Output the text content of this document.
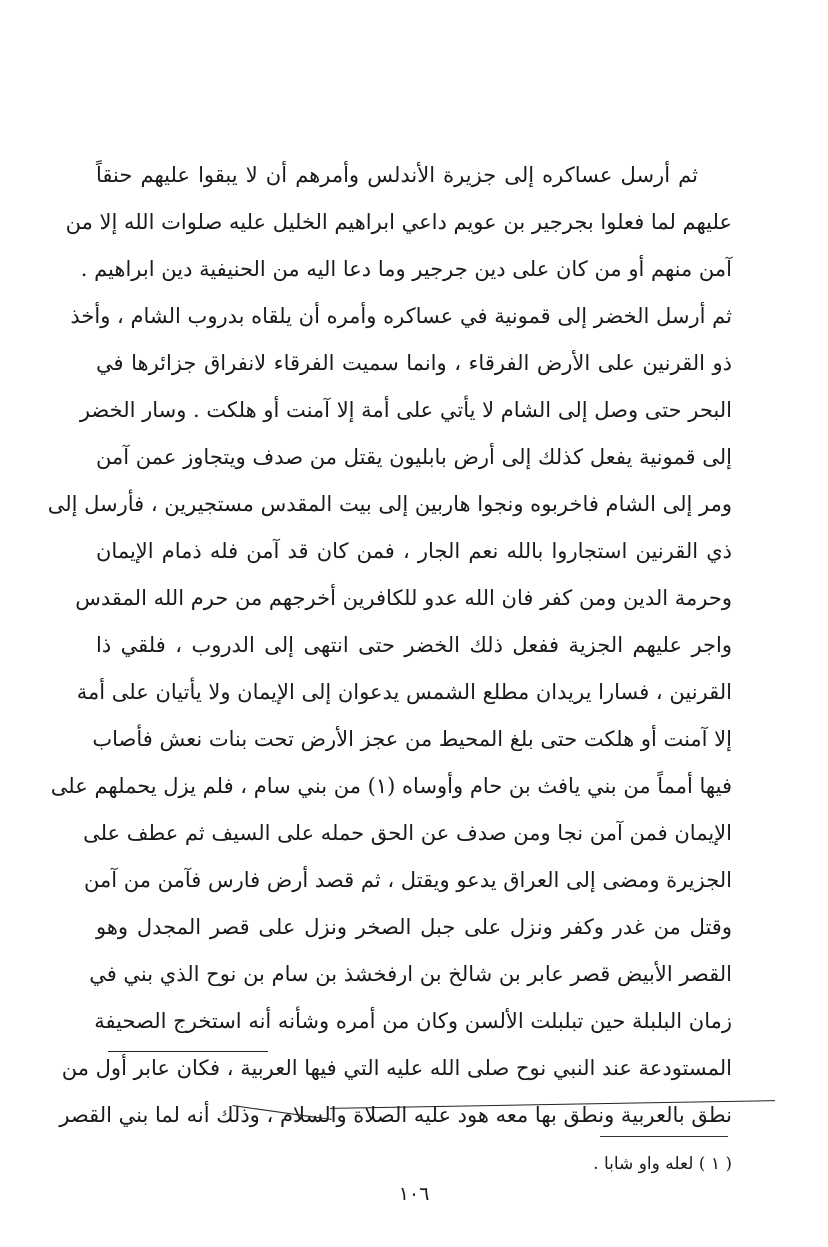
ثم أرسل عساكره إلى جزيرة الأندلس وأمرهم أن لا يبقوا عليهم حنقاً
عليهم لما فعلوا بجرجير بن عويم داعي ابراهيم الخليل عليه صلوات الله إلا من
آمن منهم أو من كان على دين جرجير وما دعا اليه من الحنيفية دين ابراهيم .
ثم أرسل الخضر إلى قمونية في عساكره وأمره أن يلقاه بدروب الشام ، وأخذ
ذو القرنين على الأرض الفرقاء ، وانما سميت الفرقاء لانفراق جزائرها في
البحر حتى وصل إلى الشام لا يأتي على أمة إلا آمنت أو هلكت . وسار الخضر
إلى قمونية يفعل كذلك إلى أرض بابليون يقتل من صدف ويتجاوز عمن آمن
ومر إلى الشام فاخربوه ونجوا هاربين إلى بيت المقدس مستجيرين ، فأرسل إلى
ذي القرنين استجاروا بالله نعم الجار ، فمن كان قد آمن فله ذمام الإيمان
وحرمة الدين ومن كفر فان الله عدو للكافرين أخرجهم من حرم الله المقدس
واجر عليهم الجزية ففعل ذلك الخضر حتى انتهى إلى الدروب ، فلقي ذا
القرنين ، فسارا يريدان مطلع الشمس يدعوان إلى الإيمان ولا يأتيان على أمة
إلا آمنت أو هلكت حتى بلغ المحيط من عجز الأرض تحت بنات نعش فأصاب
فيها أمماً من بني يافث بن حام وأوساه (١) من بني سام ، فلم يزل يحملهم على
الإيمان فمن آمن نجا ومن صدف عن الحق حمله على السيف ثم عطف على
الجزيرة ومضى إلى العراق يدعو ويقتل ، ثم قصد أرض فارس فآمن من آمن
وقتل من غدر وكفر ونزل على جبل الصخر ونزل على قصر المجدل وهو
القصر الأبيض قصر عابر بن شالخ بن ارفخشذ بن سام بن نوح الذي بني في
زمان البلبلة حين تبلبلت الألسن وكان من أمره وشأنه أنه استخرج الصحيفة
المستودعة عند النبي نوح صلى الله عليه التي فيها العربية ، فكان عابر أول من
نطق بالعربية ونطق بها معه هود عليه الصلاة والسلام ، وذلك أنه لما بني القصر
( ١ ) لعله واو شابا .
١٠٦
